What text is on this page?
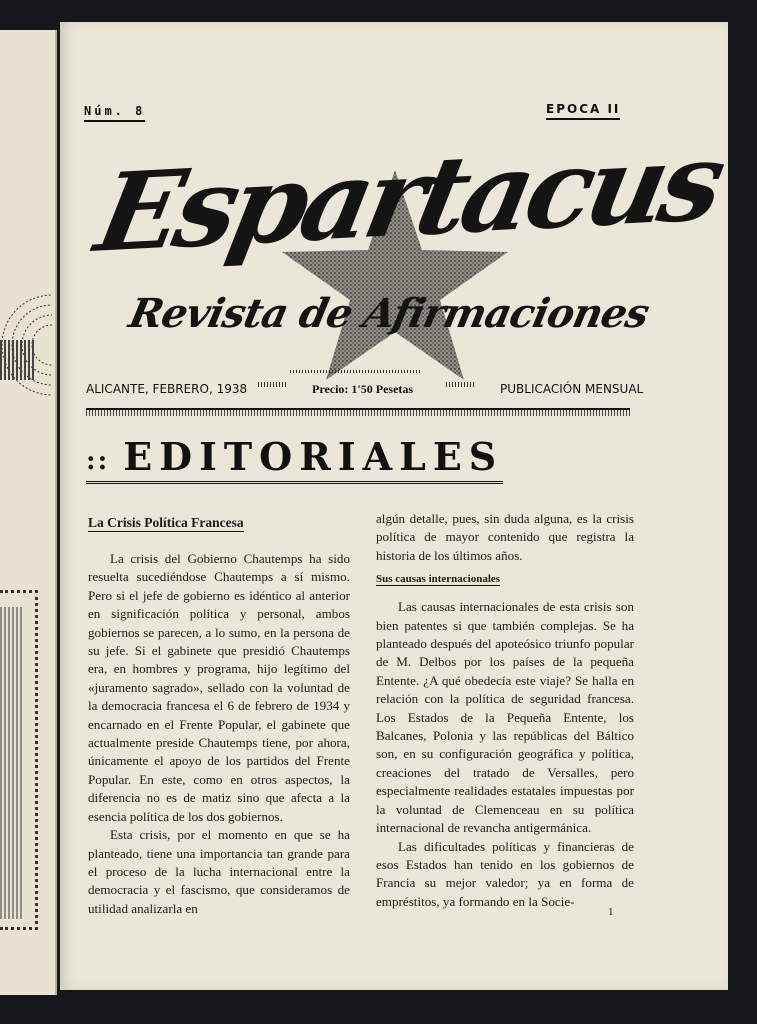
Núm. 8	EPOCA II
Espartacus
Revista de Afirmaciones
ALICANTE, FEBRERO, 1938	Precio: 1'50 Pesetas	PUBLICACIÓN MENSUAL
:: EDITORIALES
La Crisis Política Francesa

La crisis del Gobierno Chautemps ha sido resuelta sucediéndose Chautemps a sí mismo. Pero si el jefe de gobierno es idéntico al anterior en significación política y personal, ambos gobiernos se parecen, a lo sumo, en la persona de su jefe. Si el gabinete que presidió Chautemps era, en hombres y programa, hijo legítimo del «juramento sagrado», sellado con la voluntad de la democracia francesa el 6 de febrero de 1934 y encarnado en el Frente Popular, el gabinete que actualmente preside Chautemps tiene, por ahora, únicamente el apoyo de los partidos del Frente Popular. En este, como en otros aspectos, la diferencia no es de matiz sino que afecta a la esencia política de los dos gobiernos.

Esta crisis, por el momento en que se ha planteado, tiene una importancia tan grande para el proceso de la lucha internacional entre la democracia y el fascismo, que consideramos de utilidad analizarla en

algún detalle, pues, sin duda alguna, es la crisis política de mayor contenido que registra la historia de los últimos años.

Sus causas internacionales

Las causas internacionales de esta crisis son bien patentes si que también complejas. Se ha planteado después del apoteósico triunfo popular de M. Delbos por los países de la pequeña Entente. ¿A qué obedecía este viaje? Se halla en relación con la política de seguridad francesa. Los Estados de la Pequeña Entente, los Balcanes, Polonia y las repúblicas del Báltico son, en su configuración geográfica y política, creaciones del tratado de Versalles, pero especialmente realidades estatales impuestas por la voluntad de Clemenceau en su política internacional de revancha antigermánica.

Las dificultades políticas y financieras de esos Estados han tenido en los gobiernos de Francia su mejor valedor; ya en forma de empréstitos, ya formando en la Socie-

1
